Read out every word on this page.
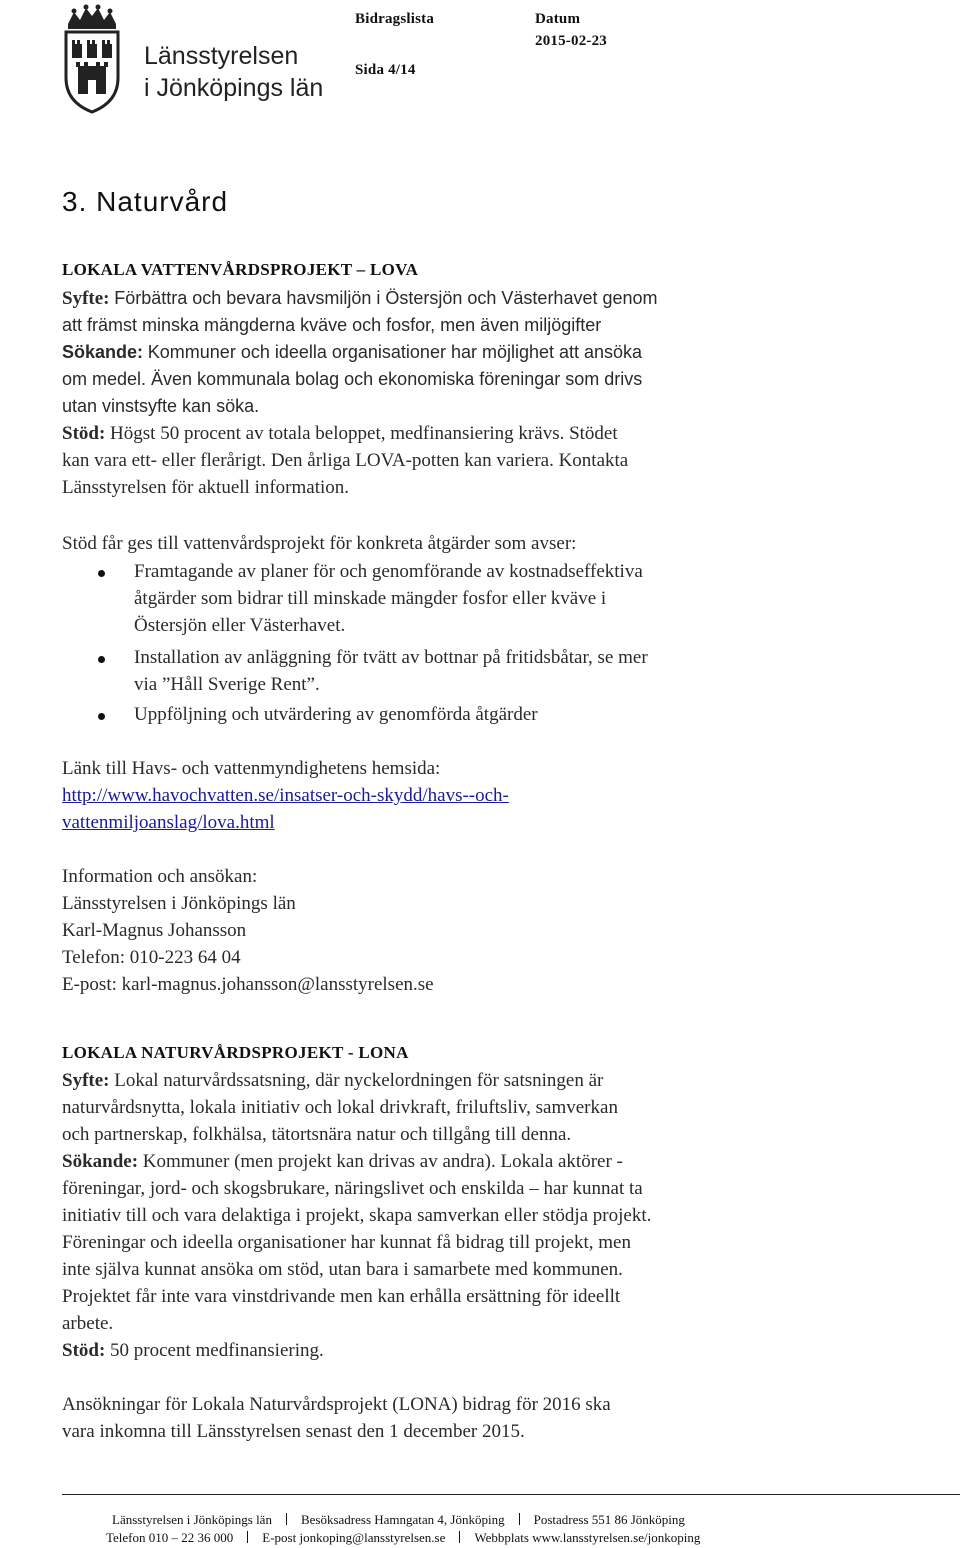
Länsstyrelsen
i Jönköpings län
Bidragslista
Sida 4/14
Datum
2015-02-23
3. Naturvård
LOKALA VATTENVÅRDSPROJEKT – LOVA
Syfte: Förbättra och bevara havsmiljön i Östersjön och Västerhavet genom
att främst minska mängderna kväve och fosfor, men även miljögifter
Sökande: Kommuner och ideella organisationer har möjlighet att ansöka
om medel. Även kommunala bolag och ekonomiska föreningar som drivs
utan vinstsyfte kan söka.
Stöd: Högst 50 procent av totala beloppet, medfinansiering krävs. Stödet
kan vara ett- eller flerårigt. Den årliga LOVA-potten kan variera. Kontakta
Länsstyrelsen för aktuell information.
Stöd får ges till vattenvårdsprojekt för konkreta åtgärder som avser:
Framtagande av planer för och genomförande av kostnadseffektiva
åtgärder som bidrar till minskade mängder fosfor eller kväve i
Östersjön eller Västerhavet.
Installation av anläggning för tvätt av bottnar på fritidsbåtar, se mer
via ”Håll Sverige Rent”.
Uppföljning och utvärdering av genomförda åtgärder
Länk till Havs- och vattenmyndighetens hemsida:
http://www.havochvatten.se/insatser-och-skydd/havs--och-
vattenmiljoanslag/lova.html
Information och ansökan:
Länsstyrelsen i Jönköpings län
Karl-Magnus Johansson
Telefon: 010-223 64 04
E-post: karl-magnus.johansson@lansstyrelsen.se
LOKALA NATURVÅRDSPROJEKT - LONA
Syfte: Lokal naturvårdssatsning, där nyckelordningen för satsningen är
naturvårdsnytta, lokala initiativ och lokal drivkraft, friluftsliv, samverkan
och partnerskap, folkhälsa, tätortsnära natur och tillgång till denna.
Sökande: Kommuner (men projekt kan drivas av andra). Lokala aktörer -
föreningar, jord- och skogsbrukare, näringslivet och enskilda – har kunnat ta
initiativ till och vara delaktiga i projekt, skapa samverkan eller stödja projekt.
Föreningar och ideella organisationer har kunnat få bidrag till projekt, men
inte själva kunnat ansöka om stöd, utan bara i samarbete med kommunen.
Projektet får inte vara vinstdrivande men kan erhålla ersättning för ideellt
arbete.
Stöd: 50 procent medfinansiering.
Ansökningar för Lokala Naturvårdsprojekt (LONA) bidrag för 2016 ska
vara inkomna till Länsstyrelsen senast den 1 december 2015.
Länsstyrelsen i Jönköpings län Besöksadress Hamngatan 4, Jönköping Postadress 551 86 Jönköping
Telefon 010 – 22 36 000 E-post jonkoping@lansstyrelsen.se Webbplats www.lansstyrelsen.se/jonkoping
